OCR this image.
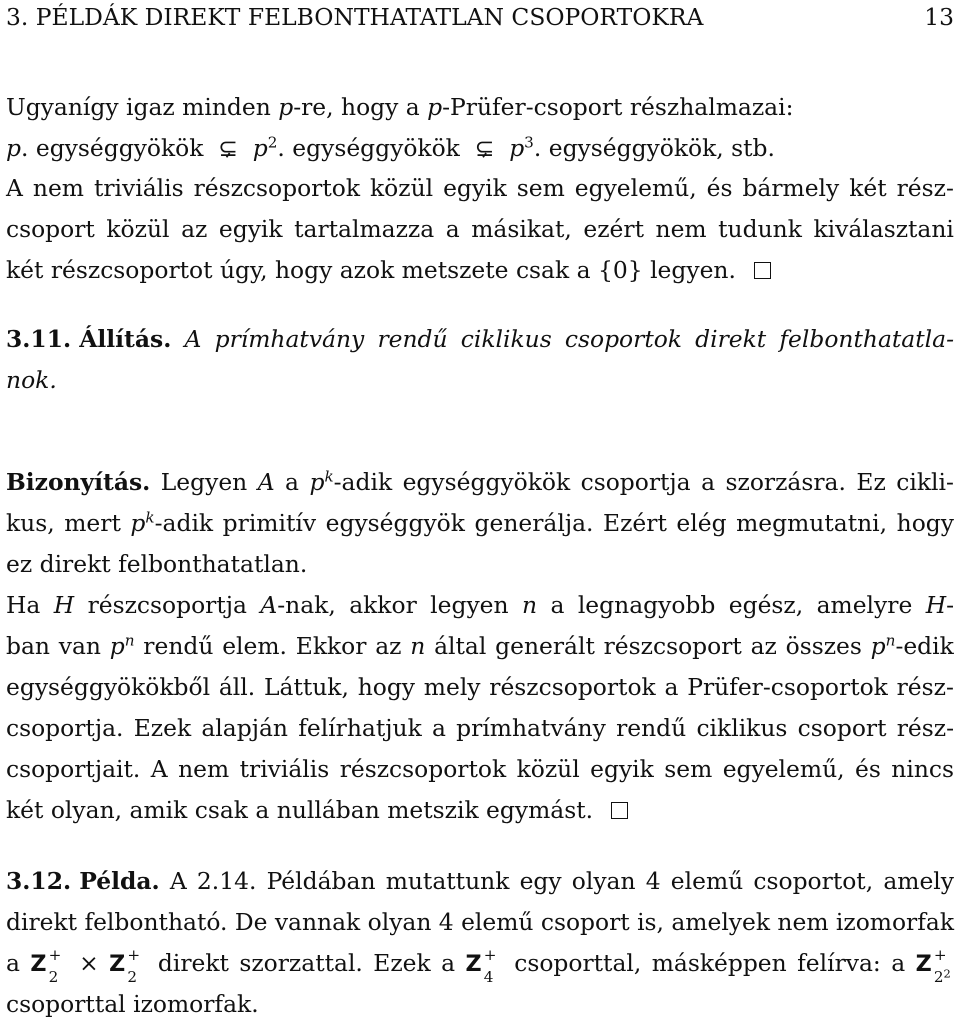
3. PÉLDÁK DIREKT FELBONTHATATLAN CSOPORTOKRA	13
Ugyanígy igaz minden p-re, hogy a p-Prüfer-csoport részhalmazai:
p. egységgyökök  ⊊  $p^2$. egységgyökök  ⊊  $p^3$. egységgyökök, stb.
A nem triviális részcsoportok közül egyik sem egyelemű, és bármely két rész-
csoport közül az egyik tartalmazza a másikat, ezért nem tudunk kiválasztani
két részcsoportot úgy, hogy azok metszete csak a {0} legyen.
3.11. Állítás. A prímhatvány rendű ciklikus csoportok direkt felbonthatatla-
nok.
Bizonyítás. Legyen A a $p^k$-adik egységgyökök csoportja a szorzásra. Ez cikli-
kus, mert $p^k$-adik primitív egységgyök generálja. Ezért elég megmutatni, hogy
ez direkt felbonthatatlan.
Ha H részcsoportja A-nak, akkor legyen n a legnagyobb egész, amelyre H-
ban van $p^n$ rendű elem. Ekkor az n által generált részcsoport az összes $p^n$-edik
egységgyökökből áll. Láttuk, hogy mely részcsoportok a Prüfer-csoportok rész-
csoportja. Ezek alapján felírhatjuk a prímhatvány rendű ciklikus csoport rész-
csoportjait. A nem triviális részcsoportok közül egyik sem egyelemű, és nincs
két olyan, amik csak a nullában metszik egymást.
3.12. Példa. A 2.14. Példában mutattunk egy olyan 4 elemű csoportot, amely
direkt felbontható. De vannak olyan 4 elemű csoport is, amelyek nem izomorfak
a Z +
2
× Z +
2
direkt szorzattal. Ezek a Z +
4
csoporttal, másképpen felírva: a Z +
$2^2$
csoporttal izomorfak.
